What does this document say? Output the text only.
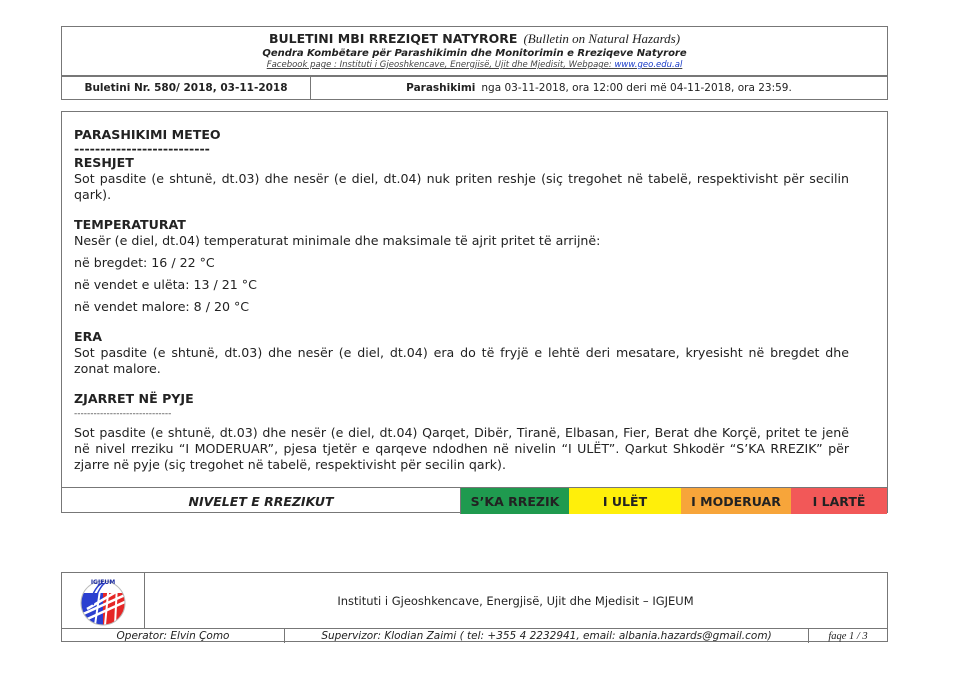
BULETINI MBI RREZIQET NATYRORE (Bulletin on Natural Hazards)
Qendra Kombëtare për Parashikimin dhe Monitorimin e Rreziqeve Natyrore
Facebook page : Instituti i Gjeoshkencave, Energjisë, Ujit dhe Mjedisit, Webpage: www.geo.edu.al
Buletini Nr. 580/ 2018, 03-11-2018	Parashikimi nga 03-11-2018, ora 12:00 deri më 04-11-2018, ora 23:59.
PARASHIKIMI METEO
--------------------------
RESHJET

Sot pasdite (e shtunë, dt.03) dhe nesër (e diel, dt.04) nuk priten reshje (siç tregohet në tabelë, respektivisht për secilin qark).

TEMPERATURAT

Nesër (e diel, dt.04) temperaturat minimale dhe maksimale të ajrit pritet të arrijnë:

në bregdet: 16 / 22 °C

në vendet e ulëta: 13 / 21 °C

në vendet malore: 8 / 20 °C

ERA

Sot pasdite (e shtunë, dt.03) dhe nesër (e diel, dt.04) era do të fryjë e lehtë deri mesatare, kryesisht në bregdet dhe zonat malore.

ZJARRET NË PYJE
------------------------------

Sot pasdite (e shtunë, dt.03) dhe nesër (e diel, dt.04) Qarqet, Dibër, Tiranë, Elbasan, Fier, Berat dhe Korçë, pritet te jenë në nivel rreziku “I MODERUAR”, pjesa tjetër e qarqeve ndodhen në nivelin “I ULËT”. Qarkut Shkodër “S’KA RREZIK” për zjarre në pyje (siç tregohet në tabelë, respektivisht për secilin qark).

NIVELET E RREZIKUT	S’KA RREZIK	I ULËT	I MODERUAR	I LARTË
IGJEUM
Instituti i Gjeoshkencave, Energjisë, Ujit dhe Mjedisit – IGJEUM
Operator: Elvin Çomo	Supervizor: Klodian Zaimi ( tel: +355 4 2232941, email: albania.hazards@gmail.com)	faqe 1 / 3
